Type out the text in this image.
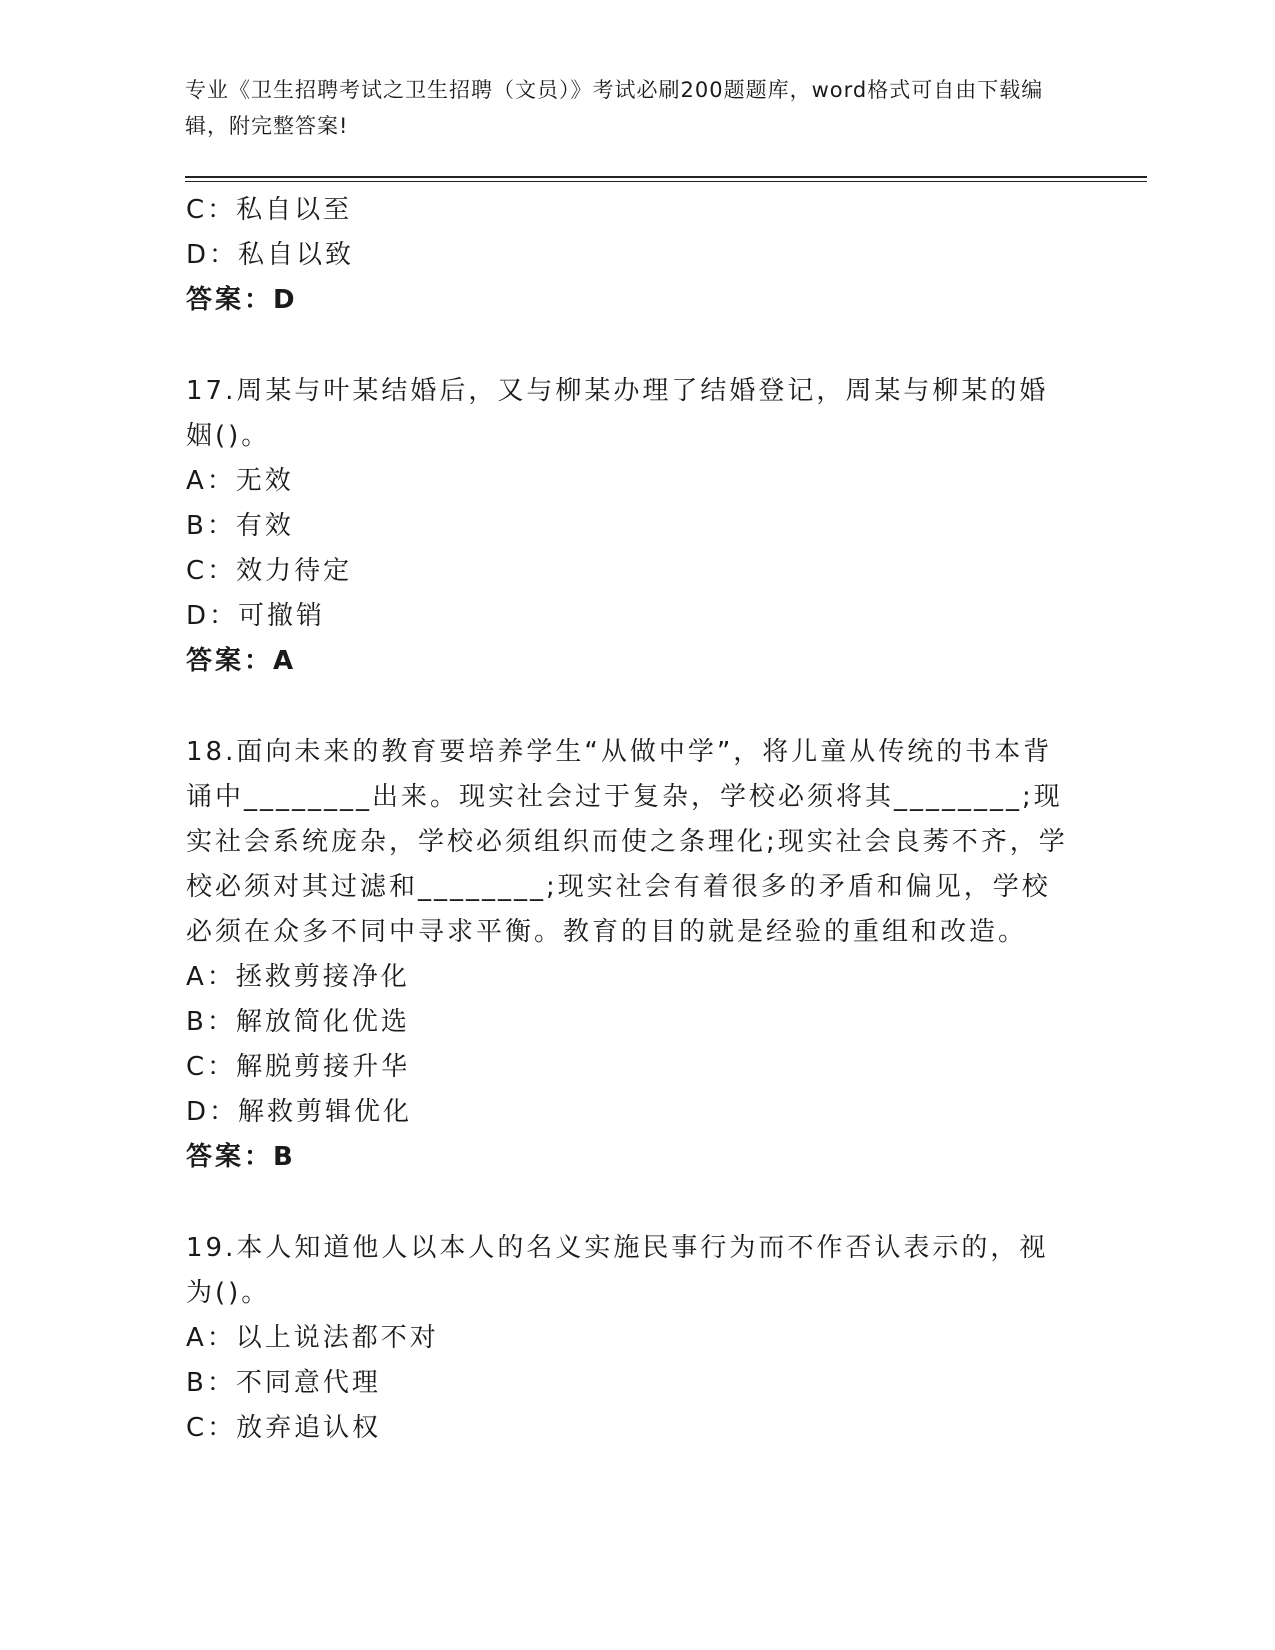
专业《卫生招聘考试之卫生招聘（文员）》考试必刷200题题库，word格式可自由下载编辑，附完整答案!
C：私自以至
D：私自以致
答案：D
17.周某与叶某结婚后，又与柳某办理了结婚登记，周某与柳某的婚姻()。
A：无效
B：有效
C：效力待定
D：可撤销
答案：A
18.面向未来的教育要培养学生“从做中学”，将儿童从传统的书本背诵中________出来。现实社会过于复杂，学校必须将其________;现实社会系统庞杂，学校必须组织而使之条理化;现实社会良莠不齐，学校必须对其过滤和________;现实社会有着很多的矛盾和偏见，学校必须在众多不同中寻求平衡。教育的目的就是经验的重组和改造。
A：拯救剪接净化
B：解放简化优选
C：解脱剪接升华
D：解救剪辑优化
答案：B
19.本人知道他人以本人的名义实施民事行为而不作否认表示的，视为()。
A：以上说法都不对
B：不同意代理
C：放弃追认权
